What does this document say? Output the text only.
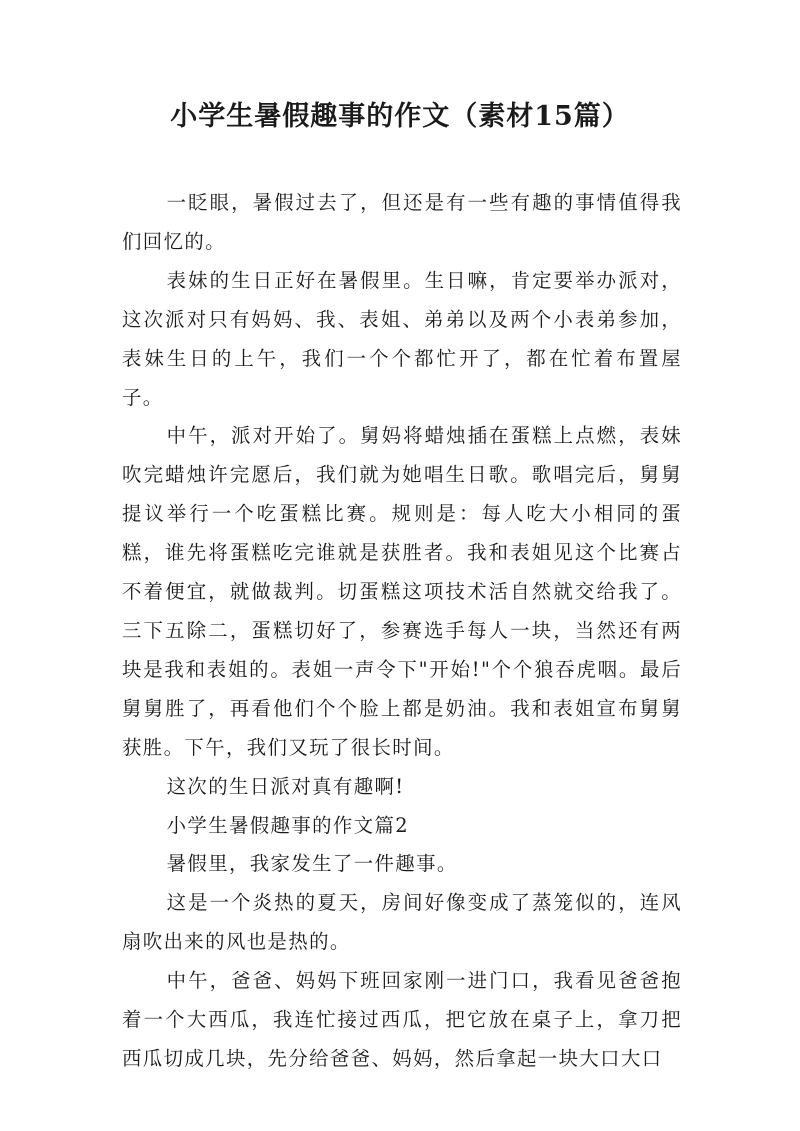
小学生暑假趣事的作文（素材15篇）

一眨眼，暑假过去了，但还是有一些有趣的事情值得我们回忆的。

表妹的生日正好在暑假里。生日嘛，肯定要举办派对，这次派对只有妈妈、我、表姐、弟弟以及两个小表弟参加，表妹生日的上午，我们一个个都忙开了，都在忙着布置屋子。

中午，派对开始了。舅妈将蜡烛插在蛋糕上点燃，表妹吹完蜡烛许完愿后，我们就为她唱生日歌。歌唱完后，舅舅提议举行一个吃蛋糕比赛。规则是：每人吃大小相同的蛋糕，谁先将蛋糕吃完谁就是获胜者。我和表姐见这个比赛占不着便宜，就做裁判。切蛋糕这项技术活自然就交给我了。三下五除二，蛋糕切好了，参赛选手每人一块，当然还有两块是我和表姐的。表姐一声令下"开始!"个个狼吞虎咽。最后舅舅胜了，再看他们个个脸上都是奶油。我和表姐宣布舅舅获胜。下午，我们又玩了很长时间。

这次的生日派对真有趣啊!

小学生暑假趣事的作文篇2

暑假里，我家发生了一件趣事。

这是一个炎热的夏天，房间好像变成了蒸笼似的，连风扇吹出来的风也是热的。

中午，爸爸、妈妈下班回家刚一进门口，我看见爸爸抱着一个大西瓜，我连忙接过西瓜，把它放在桌子上，拿刀把西瓜切成几块，先分给爸爸、妈妈，然后拿起一块大口大口
